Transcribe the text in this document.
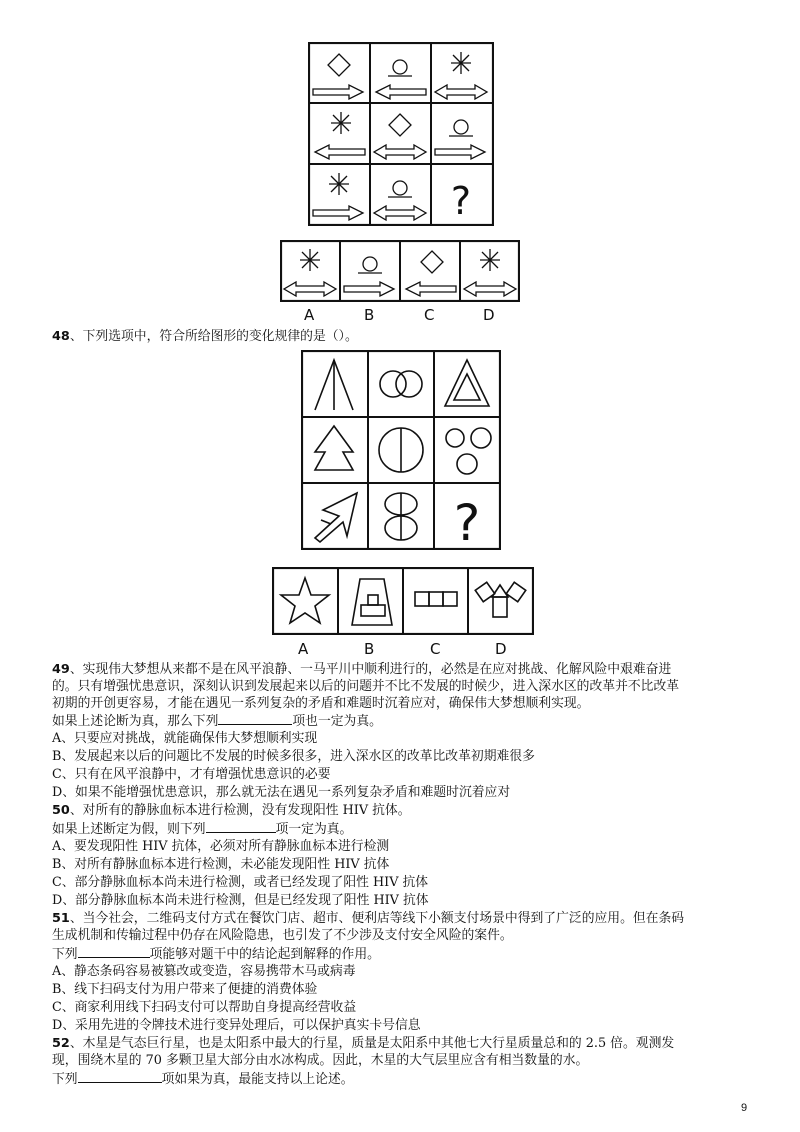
?
A	B	C	D
48、下列选项中，符合所给图形的变化规律的是（）。
?
A	B	C	D
49、实现伟大梦想从来都不是在风平浪静、一马平川中顺利进行的，必然是在应对挑战、化解风险中艰难奋进
的。只有增强忧患意识，深刻认识到发展起来以后的问题并不比不发展的时候少，进入深水区的改革并不比改革
初期的开创更容易，才能在遇见一系列复杂的矛盾和难题时沉着应对，确保伟大梦想顺利实现。
如果上述论断为真，那么下列	项也一定为真。
A、只要应对挑战，就能确保伟大梦想顺利实现
B、发展起来以后的问题比不发展的时候多很多，进入深水区的改革比改革初期难很多
C、只有在风平浪静中，才有增强忧患意识的必要
D、如果不能增强忧患意识，那么就无法在遇见一系列复杂矛盾和难题时沉着应对
50、对所有的静脉血标本进行检测，没有发现阳性 HIV 抗体。
如果上述断定为假，则下列	项一定为真。
A、要发现阳性 HIV 抗体，必须对所有静脉血标本进行检测
B、对所有静脉血标本进行检测，未必能发现阳性 HIV 抗体
C、部分静脉血标本尚未进行检测，或者已经发现了阳性 HIV 抗体
D、部分静脉血标本尚未进行检测，但是已经发现了阳性 HIV 抗体
51、当今社会，二维码支付方式在餐饮门店、超市、便利店等线下小额支付场景中得到了广泛的应用。但在条码
生成机制和传输过程中仍存在风险隐患，也引发了不少涉及支付安全风险的案件。
下列	项能够对题干中的结论起到解释的作用。
A、静态条码容易被篡改或变造，容易携带木马或病毒
B、线下扫码支付为用户带来了便捷的消费体验
C、商家利用线下扫码支付可以帮助自身提高经营收益
D、采用先进的令牌技术进行变异处理后，可以保护真实卡号信息
52、木星是气态巨行星，也是太阳系中最大的行星，质量是太阳系中其他七大行星质量总和的 2.5 倍。观测发
现，围绕木星的 70 多颗卫星大部分由水冰构成。因此，木星的大气层里应含有相当数量的水。
下列	项如果为真，最能支持以上论述。
9
